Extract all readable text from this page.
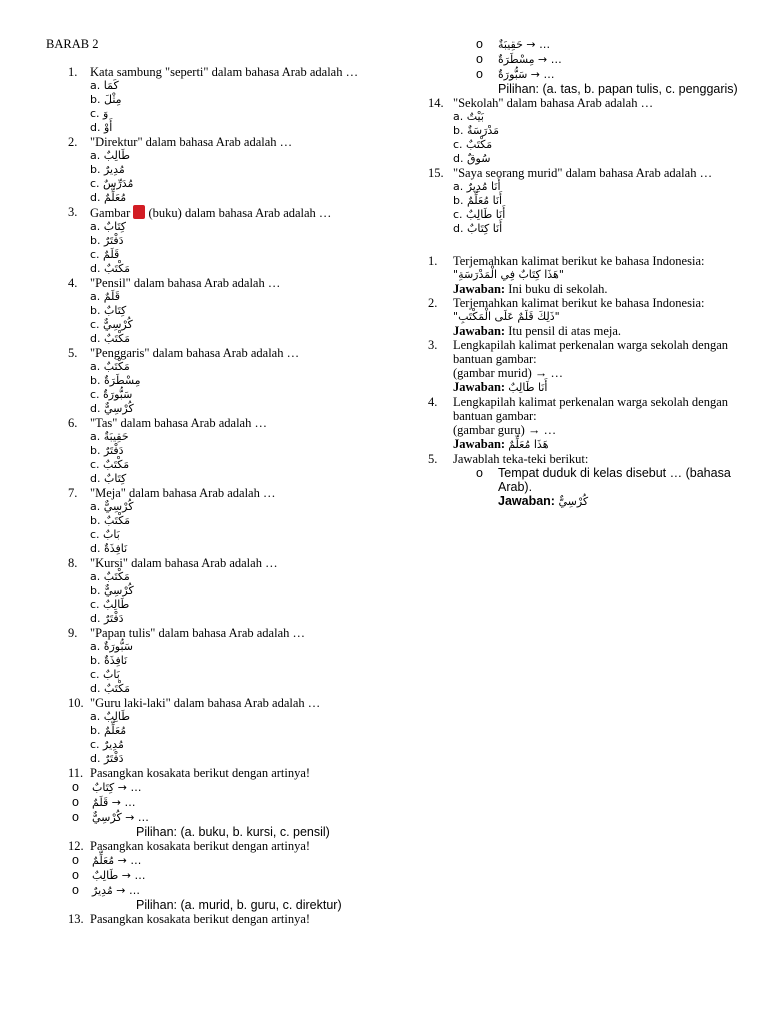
BARAB 2
1. Kata sambung "seperti" dalam bahasa Arab adalah …
a. كَمَا
b. مِثْلَ
c. وَ
d. أَوْ
2. "Direktur" dalam bahasa Arab adalah …
a. طَالِبٌ
b. مُدِيرٌ
c. مُدَرِّسٌ
d. مُعَلِّمٌ
3. Gambar (buku) dalam bahasa Arab adalah …
a. كِتَابٌ
b. دَفْتَرٌ
c. قَلَمٌ
d. مَكْتَبٌ
4. "Pensil" dalam bahasa Arab adalah …
a. قَلَمٌ
b. كِتَابٌ
c. كُرْسِيٌّ
d. مَكْتَبٌ
5. "Penggaris" dalam bahasa Arab adalah …
a. مَكْتَبٌ
b. مِسْطَرَةٌ
c. سَبُّورَةٌ
d. كُرْسِيٌّ
6. "Tas" dalam bahasa Arab adalah …
a. حَقِيبَةٌ
b. دَفْتَرٌ
c. مَكْتَبٌ
d. كِتَابٌ
7. "Meja" dalam bahasa Arab adalah …
a. كُرْسِيٌّ
b. مَكْتَبٌ
c. بَابٌ
d. نَافِذَةٌ
8. "Kursi" dalam bahasa Arab adalah …
a. مَكْتَبٌ
b. كُرْسِيٌّ
c. طَالِبٌ
d. دَفْتَرٌ
9. "Papan tulis" dalam bahasa Arab adalah …
a. سَبُّورَةٌ
b. نَافِذَةٌ
c. بَابٌ
d. مَكْتَبٌ
10. "Guru laki-laki" dalam bahasa Arab adalah …
a. طَالِبٌ
b. مُعَلِّمٌ
c. مُدِيرٌ
d. دَفْتَرٌ
11. Pasangkan kosakata berikut dengan artinya!
o كِتَابٌ → …
o قَلَمٌ → …
o كُرْسِيٌّ → …
Pilihan: (a. buku, b. kursi, c. pensil)
12. Pasangkan kosakata berikut dengan artinya!
o مُعَلِّمٌ → …
o طَالِبٌ → …
o مُدِيرٌ → …
Pilihan: (a. murid, b. guru, c. direktur)
13. Pasangkan kosakata berikut dengan artinya!
o حَقِيبَةٌ → …
o مِسْطَرَةٌ → …
o سَبُّورَةٌ → …
Pilihan: (a. tas, b. papan tulis, c. penggaris)
14. "Sekolah" dalam bahasa Arab adalah …
a. بَيْتٌ
b. مَدْرَسَةٌ
c. مَكْتَبٌ
d. سُوقٌ
15. "Saya seorang murid" dalam bahasa Arab adalah …
a. أَنَا مُدِيرٌ
b. أَنَا مُعَلِّمٌ
c. أَنَا طَالِبٌ
d. أَنَا كِتَابٌ
1. Terjemahkan kalimat berikut ke bahasa Indonesia:
"هَذَا كِتَابٌ فِي الْمَدْرَسَةِ"
Jawaban: Ini buku di sekolah.
2. Terjemahkan kalimat berikut ke bahasa Indonesia:
"ذَلِكَ قَلَمٌ عَلَى الْمَكْتَبِ"
Jawaban: Itu pensil di atas meja.
3. Lengkapilah kalimat perkenalan warga sekolah dengan bantuan gambar:
(gambar murid) → …
Jawaban: أَنَا طَالِبٌ
4. Lengkapilah kalimat perkenalan warga sekolah dengan bantuan gambar:
(gambar guru) → …
Jawaban: هَذَا مُعَلِّمٌ
5. Jawablah teka-teki berikut:
o Tempat duduk di kelas disebut … (bahasa Arab).
Jawaban: كُرْسِيٌّ
